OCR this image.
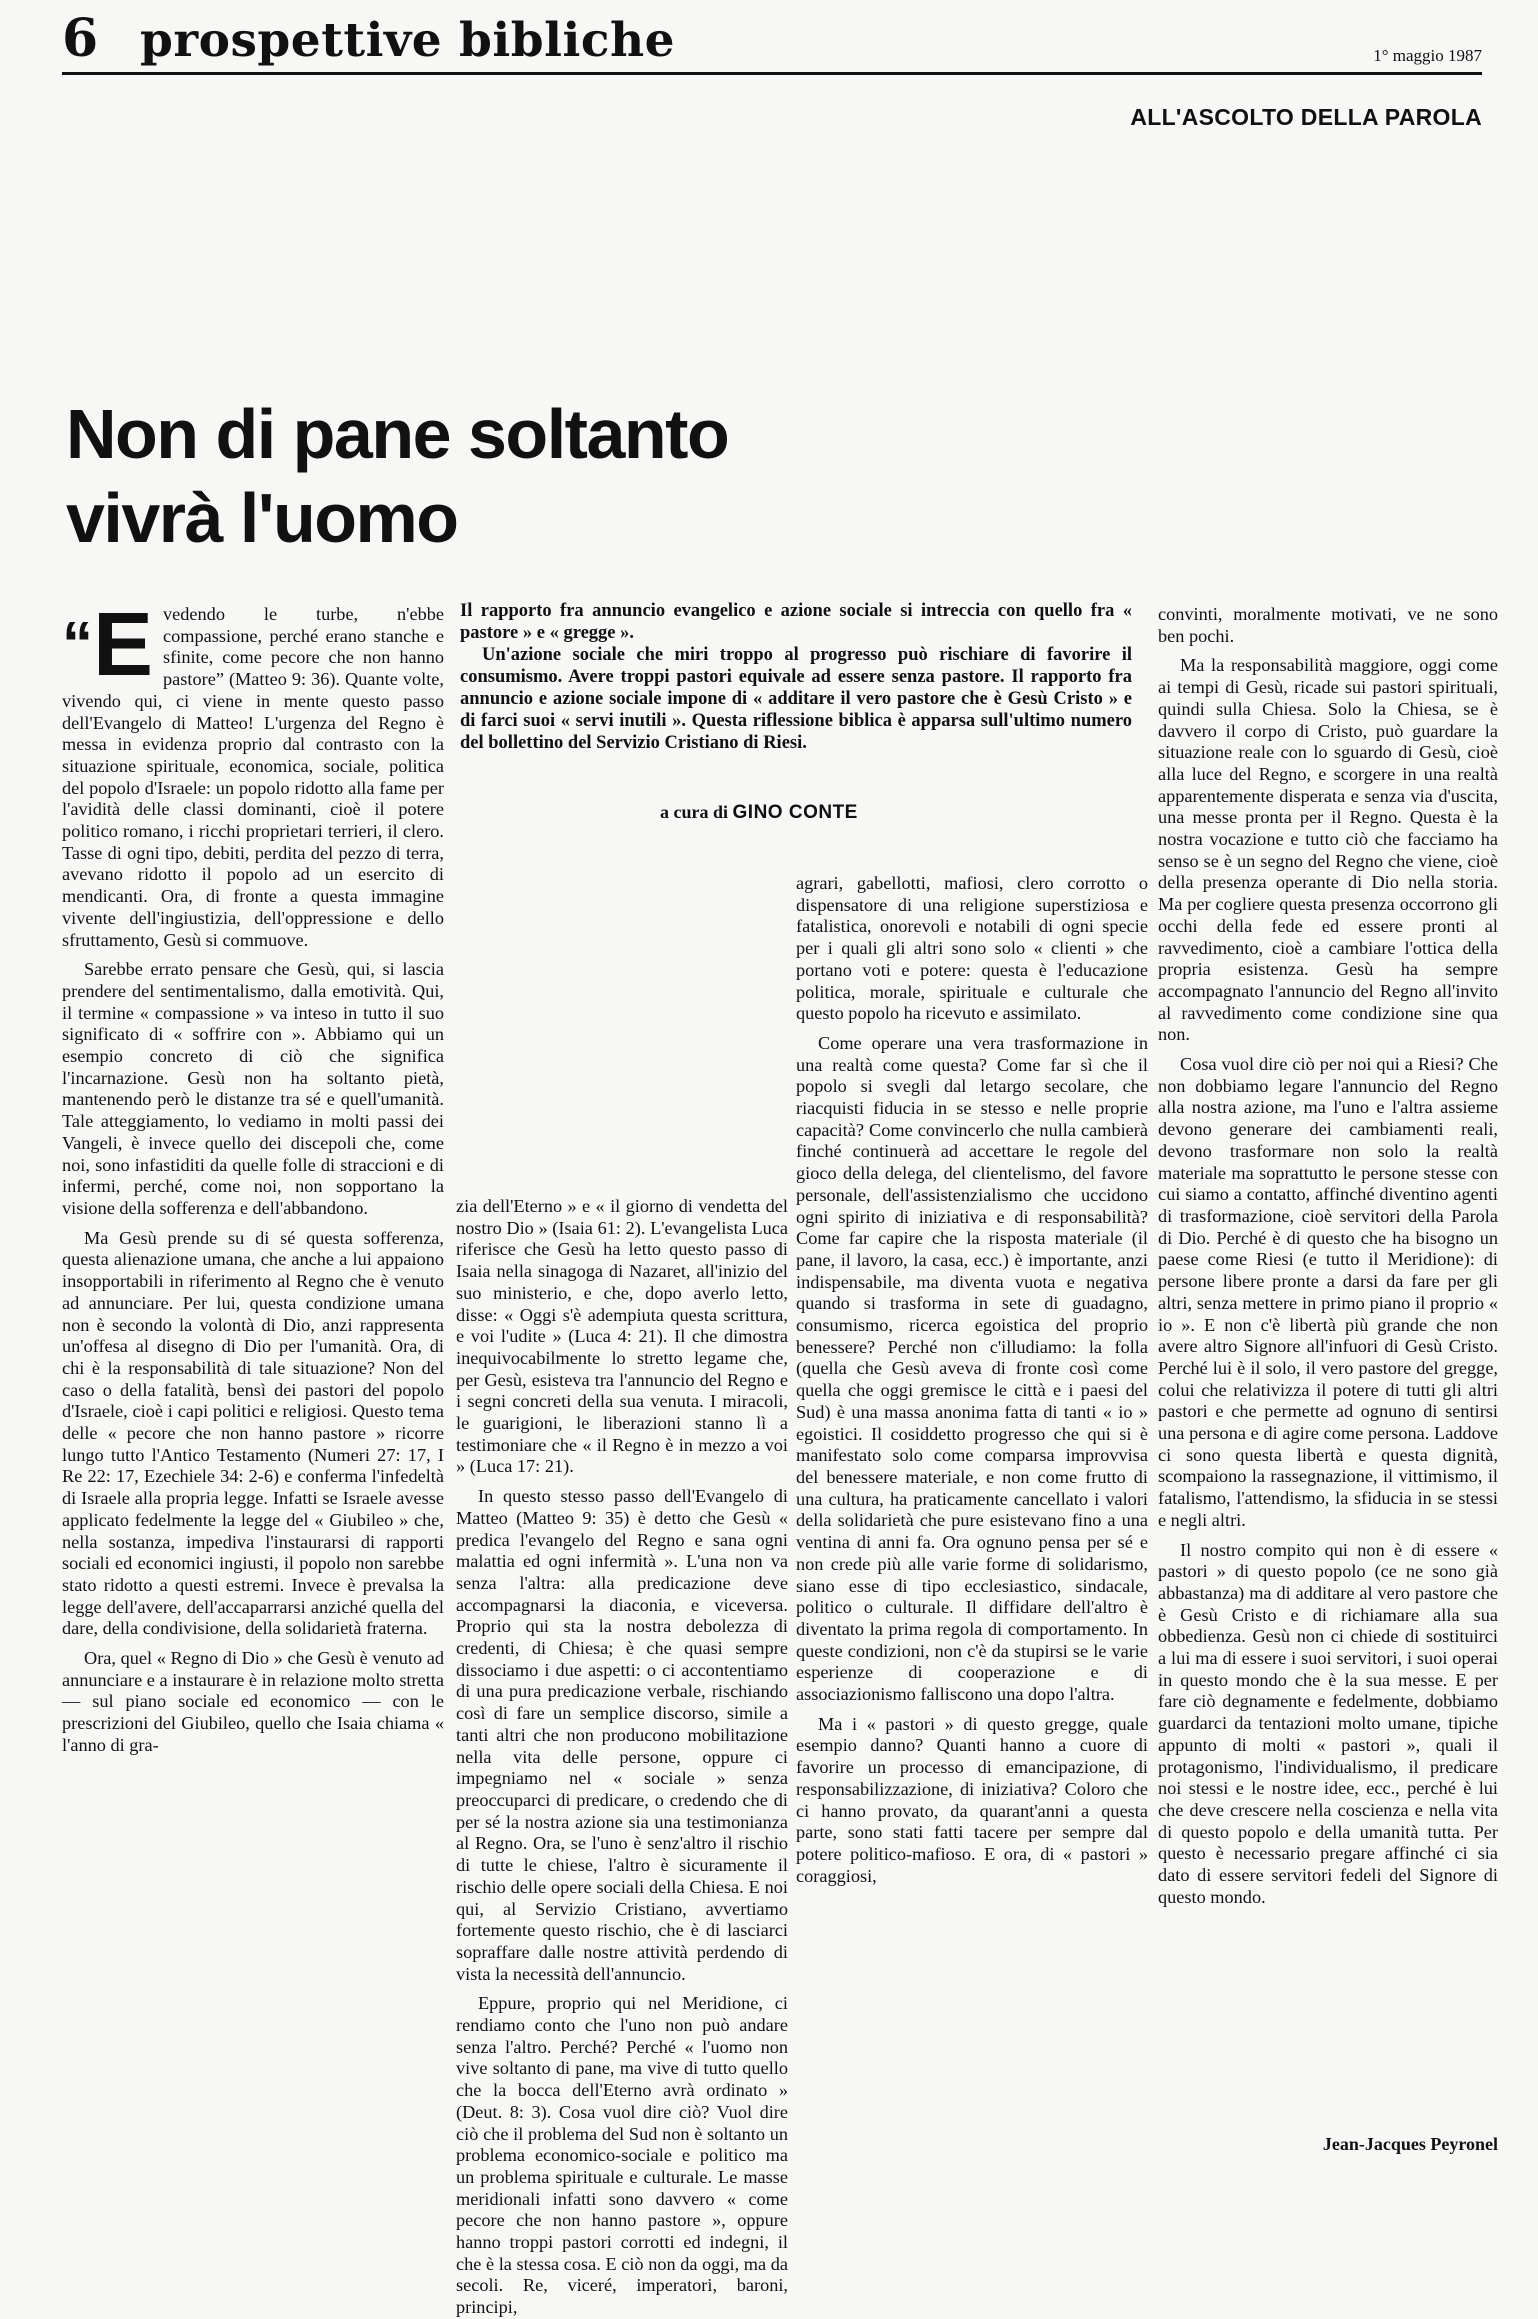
6 prospettive bibliche	1° maggio 1987
ALL'ASCOLTO DELLA PAROLA
Non di pane soltanto
vivrà l'uomo

Il rapporto fra annuncio evangelico e azione sociale si intreccia con quello fra « pastore » e « gregge ».

Un'azione sociale che miri troppo al progresso può rischiare di favorire il consumismo. Avere troppi pastori equivale ad essere senza pastore. Il rapporto fra annuncio e azione sociale impone di « additare il vero pastore che è Gesù Cristo » e di farci suoi « servi inutili ». Questa riflessione biblica è apparsa sull'ultimo numero del bollettino del Servizio Cristiano di Riesi.

a cura di GINO CONTE

“E vedendo le turbe, n'ebbe compassione, perché erano stanche e sfinite, come pecore che non hanno pastore” (Matteo 9: 36). Quante volte, vivendo qui, ci viene in mente questo passo dell'Evangelo di Matteo! L'urgenza del Regno è messa in evidenza proprio dal contrasto con la situazione spirituale, economica, sociale, politica del popolo d'Israele: un popolo ridotto alla fame per l'avidità delle classi dominanti, cioè il potere politico romano, i ricchi proprietari terrieri, il clero. Tasse di ogni tipo, debiti, perdita del pezzo di terra, avevano ridotto il popolo ad un esercito di mendicanti. Ora, di fronte a questa immagine vivente dell'ingiustizia, dell'oppressione e dello sfruttamento, Gesù si commuove.

Sarebbe errato pensare che Gesù, qui, si lascia prendere del sentimentalismo, dalla emotività. Qui, il termine « compassione » va inteso in tutto il suo significato di « soffrire con ». Abbiamo qui un esempio concreto di ciò che significa l'incarnazione. Gesù non ha soltanto pietà, mantenendo però le distanze tra sé e quell'umanità. Tale atteggiamento, lo vediamo in molti passi dei Vangeli, è invece quello dei discepoli che, come noi, sono infastiditi da quelle folle di straccioni e di infermi, perché, come noi, non sopportano la visione della sofferenza e dell'abbandono.

Ma Gesù prende su di sé questa sofferenza, questa alienazione umana, che anche a lui appaiono insopportabili in riferimento al Regno che è venuto ad annunciare. Per lui, questa condizione umana non è secondo la volontà di Dio, anzi rappresenta un'offesa al disegno di Dio per l'umanità. Ora, di chi è la responsabilità di tale situazione? Non del caso o della fatalità, bensì dei pastori del popolo d'Israele, cioè i capi politici e religiosi. Questo tema delle « pecore che non hanno pastore » ricorre lungo tutto l'Antico Testamento (Numeri 27: 17, I Re 22: 17, Ezechiele 34: 2-6) e conferma l'infedeltà di Israele alla propria legge. Infatti se Israele avesse applicato fedelmente la legge del « Giubileo » che, nella sostanza, impediva l'instaurarsi di rapporti sociali ed economici ingiusti, il popolo non sarebbe stato ridotto a questi estremi. Invece è prevalsa la legge dell'avere, dell'accaparrarsi anziché quella del dare, della condivisione, della solidarietà fraterna.

Ora, quel « Regno di Dio » che Gesù è venuto ad annunciare e a instaurare è in relazione molto stretta — sul piano sociale ed economico — con le prescrizioni del Giubileo, quello che Isaia chiama « l'anno di gra-

zia dell'Eterno » e « il giorno di vendetta del nostro Dio » (Isaia 61: 2). L'evangelista Luca riferisce che Gesù ha letto questo passo di Isaia nella sinagoga di Nazaret, all'inizio del suo ministerio, e che, dopo averlo letto, disse: « Oggi s'è adempiuta questa scrittura, e voi l'udite » (Luca 4: 21). Il che dimostra inequivocabilmente lo stretto legame che, per Gesù, esisteva tra l'annuncio del Regno e i segni concreti della sua venuta. I miracoli, le guarigioni, le liberazioni stanno lì a testimoniare che « il Regno è in mezzo a voi » (Luca 17: 21).

In questo stesso passo dell'Evangelo di Matteo (Matteo 9: 35) è detto che Gesù « predica l'evangelo del Regno e sana ogni malattia ed ogni infermità ». L'una non va senza l'altra: alla predicazione deve accompagnarsi la diaconia, e viceversa. Proprio qui sta la nostra debolezza di credenti, di Chiesa; è che quasi sempre dissociamo i due aspetti: o ci accontentiamo di una pura predicazione verbale, rischiando così di fare un semplice discorso, simile a tanti altri che non producono mobilitazione nella vita delle persone, oppure ci impegniamo nel « sociale » senza preoccuparci di predicare, o credendo che di per sé la nostra azione sia una testimonianza al Regno. Ora, se l'uno è senz'altro il rischio di tutte le chiese, l'altro è sicuramente il rischio delle opere sociali della Chiesa. E noi qui, al Servizio Cristiano, avvertiamo fortemente questo rischio, che è di lasciarci sopraffare dalle nostre attività perdendo di vista la necessità dell'annuncio.

Eppure, proprio qui nel Meridione, ci rendiamo conto che l'uno non può andare senza l'altro. Perché? Perché « l'uomo non vive soltanto di pane, ma vive di tutto quello che la bocca dell'Eterno avrà ordinato » (Deut. 8: 3). Cosa vuol dire ciò? Vuol dire ciò che il problema del Sud non è soltanto un problema economico-sociale e politico ma un problema spirituale e culturale. Le masse meridionali infatti sono davvero « come pecore che non hanno pastore », oppure hanno troppi pastori corrotti ed indegni, il che è la stessa cosa. E ciò non da oggi, ma da secoli. Re, viceré, imperatori, baroni, principi,

agrari, gabellotti, mafiosi, clero corrotto o dispensatore di una religione superstiziosa e fatalistica, onorevoli e notabili di ogni specie per i quali gli altri sono solo « clienti » che portano voti e potere: questa è l'educazione politica, morale, spirituale e culturale che questo popolo ha ricevuto e assimilato.

Come operare una vera trasformazione in una realtà come questa? Come far sì che il popolo si svegli dal letargo secolare, che riacquisti fiducia in se stesso e nelle proprie capacità? Come convincerlo che nulla cambierà finché continuerà ad accettare le regole del gioco della delega, del clientelismo, del favore personale, dell'assistenzialismo che uccidono ogni spirito di iniziativa e di responsabilità? Come far capire che la risposta materiale (il pane, il lavoro, la casa, ecc.) è importante, anzi indispensabile, ma diventa vuota e negativa quando si trasforma in sete di guadagno, consumismo, ricerca egoistica del proprio benessere? Perché non c'illudiamo: la folla (quella che Gesù aveva di fronte così come quella che oggi gremisce le città e i paesi del Sud) è una massa anonima fatta di tanti « io » egoistici. Il cosiddetto progresso che qui si è manifestato solo come comparsa improvvisa del benessere materiale, e non come frutto di una cultura, ha praticamente cancellato i valori della solidarietà che pure esistevano fino a una ventina di anni fa. Ora ognuno pensa per sé e non crede più alle varie forme di solidarismo, siano esse di tipo ecclesiastico, sindacale, politico o culturale. Il diffidare dell'altro è diventato la prima regola di comportamento. In queste condizioni, non c'è da stupirsi se le varie esperienze di cooperazione e di associazionismo falliscono una dopo l'altra.

Ma i « pastori » di questo gregge, quale esempio danno? Quanti hanno a cuore di favorire un processo di emancipazione, di responsabilizzazione, di iniziativa? Coloro che ci hanno provato, da quarant'anni a questa parte, sono stati fatti tacere per sempre dal potere politico-mafioso. E ora, di « pastori » coraggiosi,

convinti, moralmente motivati, ve ne sono ben pochi.

Ma la responsabilità maggiore, oggi come ai tempi di Gesù, ricade sui pastori spirituali, quindi sulla Chiesa. Solo la Chiesa, se è davvero il corpo di Cristo, può guardare la situazione reale con lo sguardo di Gesù, cioè alla luce del Regno, e scorgere in una realtà apparentemente disperata e senza via d'uscita, una messe pronta per il Regno. Questa è la nostra vocazione e tutto ciò che facciamo ha senso se è un segno del Regno che viene, cioè della presenza operante di Dio nella storia. Ma per cogliere questa presenza occorrono gli occhi della fede ed essere pronti al ravvedimento, cioè a cambiare l'ottica della propria esistenza. Gesù ha sempre accompagnato l'annuncio del Regno all'invito al ravvedimento come condizione sine qua non.

Cosa vuol dire ciò per noi qui a Riesi? Che non dobbiamo legare l'annuncio del Regno alla nostra azione, ma l'uno e l'altra assieme devono generare dei cambiamenti reali, devono trasformare non solo la realtà materiale ma soprattutto le persone stesse con cui siamo a contatto, affinché diventino agenti di trasformazione, cioè servitori della Parola di Dio. Perché è di questo che ha bisogno un paese come Riesi (e tutto il Meridione): di persone libere pronte a darsi da fare per gli altri, senza mettere in primo piano il proprio « io ». E non c'è libertà più grande che non avere altro Signore all'infuori di Gesù Cristo. Perché lui è il solo, il vero pastore del gregge, colui che relativizza il potere di tutti gli altri pastori e che permette ad ognuno di sentirsi una persona e di agire come persona. Laddove ci sono questa libertà e questa dignità, scompaiono la rassegnazione, il vittimismo, il fatalismo, l'attendismo, la sfiducia in se stessi e negli altri.

Il nostro compito qui non è di essere « pastori » di questo popolo (ce ne sono già abbastanza) ma di additare al vero pastore che è Gesù Cristo e di richiamare alla sua obbedienza. Gesù non ci chiede di sostituirci a lui ma di essere i suoi servitori, i suoi operai in questo mondo che è la sua messe. E per fare ciò degnamente e fedelmente, dobbiamo guardarci da tentazioni molto umane, tipiche appunto di molti « pastori », quali il protagonismo, l'individualismo, il predicare noi stessi e le nostre idee, ecc., perché è lui che deve crescere nella coscienza e nella vita di questo popolo e della umanità tutta. Per questo è necessario pregare affinché ci sia dato di essere servitori fedeli del Signore di questo mondo.

Jean-Jacques Peyronel
